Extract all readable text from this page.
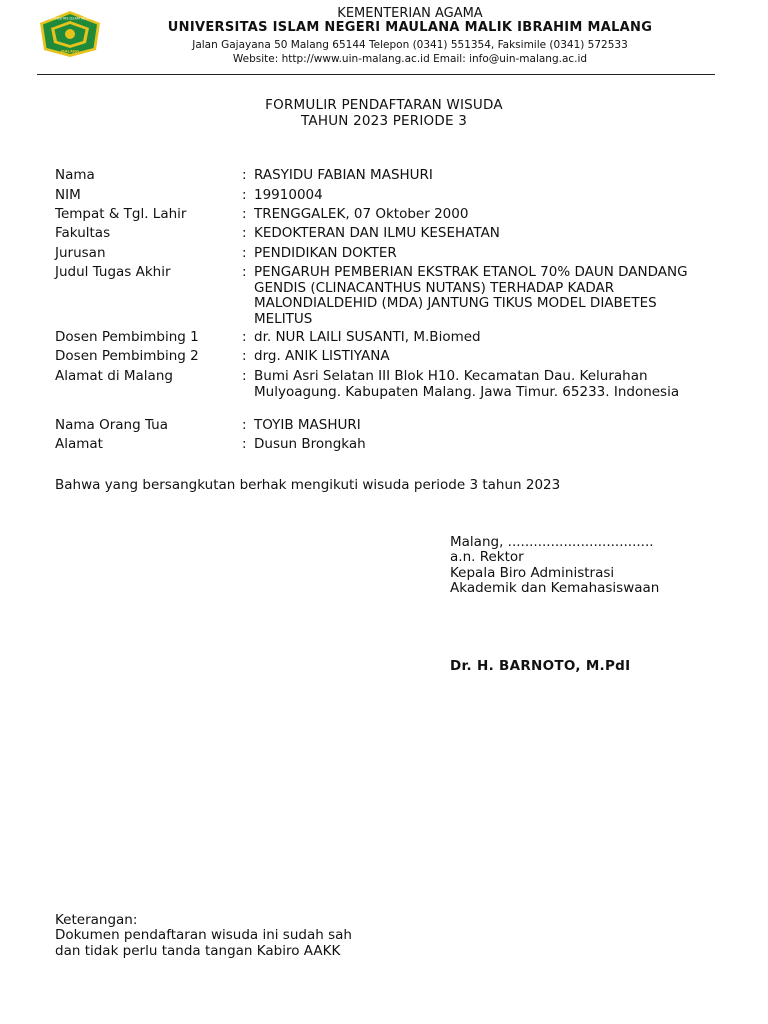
UNIVERSITAS ISLAM NEGERI
MALANG
KEMENTERIAN AGAMA
UNIVERSITAS ISLAM NEGERI MAULANA MALIK IBRAHIM MALANG
Jalan Gajayana 50 Malang 65144 Telepon (0341) 551354, Faksimile (0341) 572533
Website: http://www.uin-malang.ac.id Email: info@uin-malang.ac.id
FORMULIR PENDAFTARAN WISUDA
TAHUN 2023 PERIODE 3
Nama	: RASYIDU FABIAN MASHURI
NIM	: 19910004
Tempat & Tgl. Lahir	: TRENGGALEK, 07 Oktober 2000
Fakultas	: KEDOKTERAN DAN ILMU KESEHATAN
Jurusan	: PENDIDIKAN DOKTER
Judul Tugas Akhir	: PENGARUH PEMBERIAN EKSTRAK ETANOL 70% DAUN DANDANG GENDIS (CLINACANTHUS NUTANS) TERHADAP KADAR MALONDIALDEHID (MDA) JANTUNG TIKUS MODEL DIABETES MELITUS
Dosen Pembimbing 1	: dr. NUR LAILI SUSANTI, M.Biomed
Dosen Pembimbing 2	: drg. ANIK LISTIYANA
Alamat di Malang	: Bumi Asri Selatan III Blok H10. Kecamatan Dau. Kelurahan Mulyoagung. Kabupaten Malang. Jawa Timur. 65233. Indonesia
Nama Orang Tua	: TOYIB MASHURI
Alamat	: Dusun Brongkah
Bahwa yang bersangkutan berhak mengikuti wisuda periode 3 tahun 2023
Malang, ..................................
a.n. Rektor
Kepala Biro Administrasi
Akademik dan Kemahasiswaan
Dr. H. BARNOTO, M.PdI
Keterangan:
Dokumen pendaftaran wisuda ini sudah sah
dan tidak perlu tanda tangan Kabiro AAKK
